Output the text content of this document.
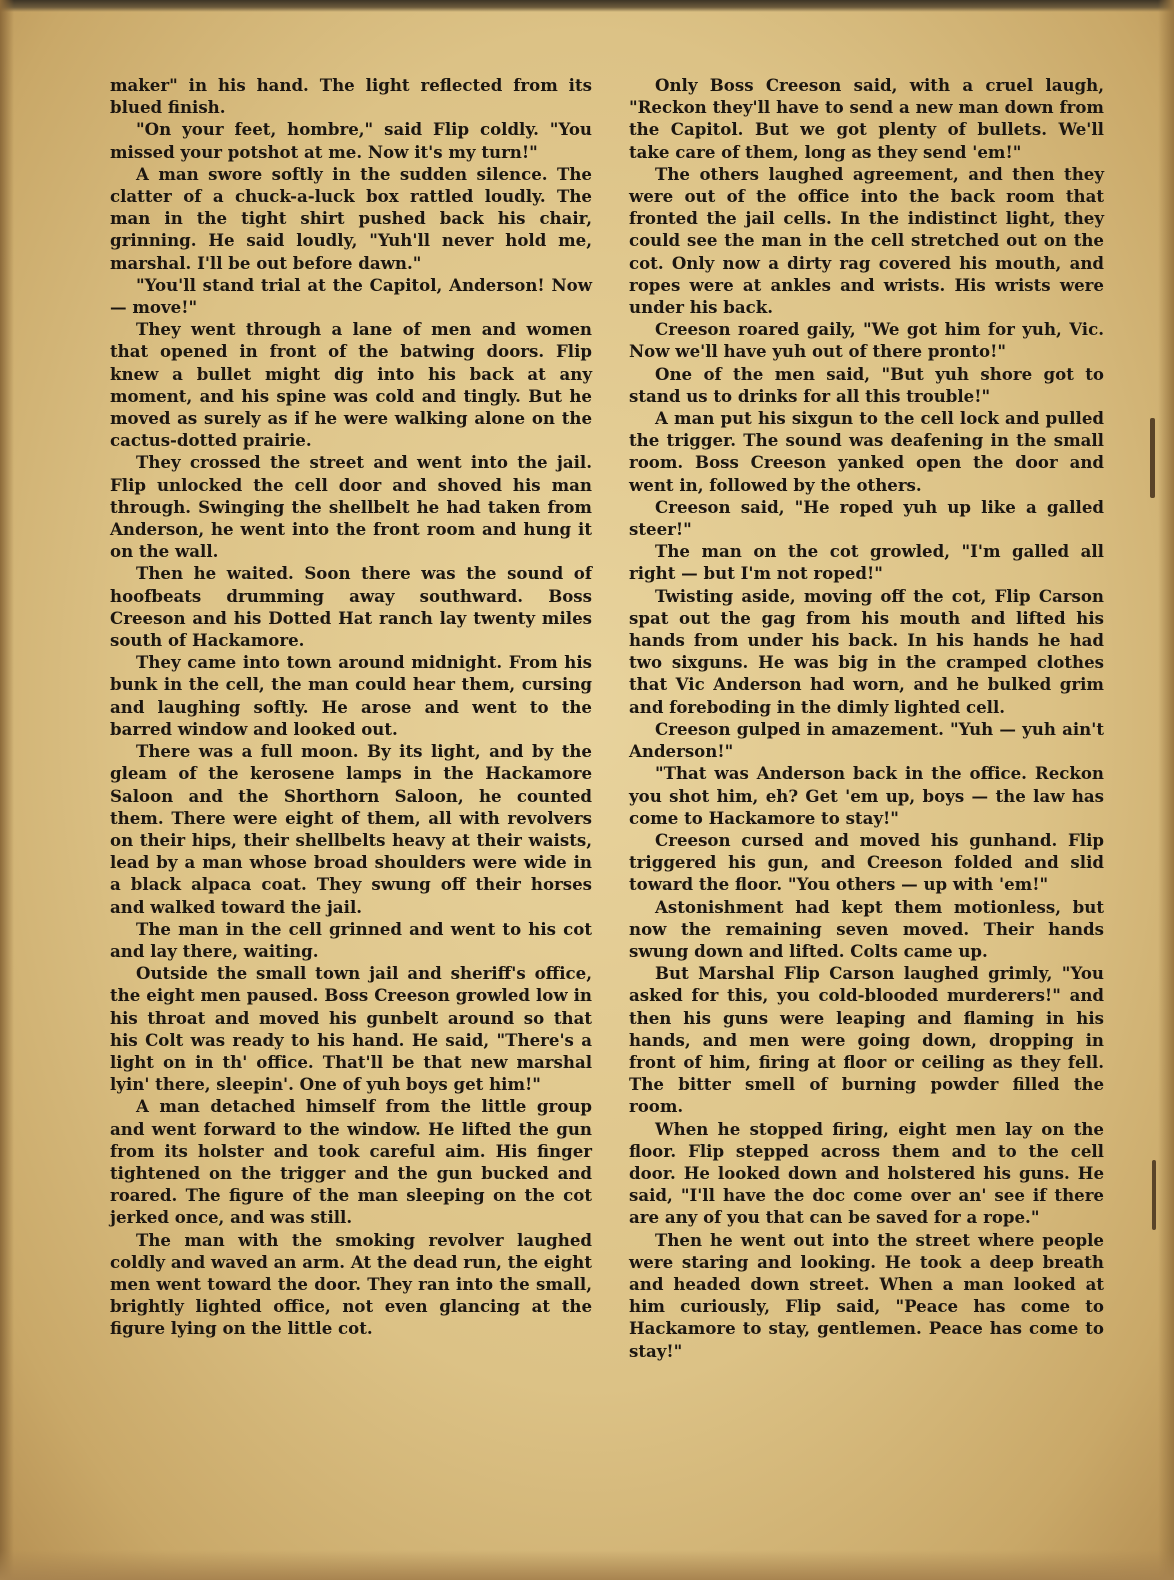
maker" in his hand. The light reflected from its blued finish.

"On your feet, hombre," said Flip coldly. "You missed your potshot at me. Now it's my turn!"

A man swore softly in the sudden silence. The clatter of a chuck-a-luck box rattled loudly. The man in the tight shirt pushed back his chair, grinning. He said loudly, "Yuh'll never hold me, marshal. I'll be out before dawn."

"You'll stand trial at the Capitol, Anderson! Now — move!"

They went through a lane of men and women that opened in front of the batwing doors. Flip knew a bullet might dig into his back at any moment, and his spine was cold and tingly. But he moved as surely as if he were walking alone on the cactus-dotted prairie.

They crossed the street and went into the jail. Flip unlocked the cell door and shoved his man through. Swinging the shellbelt he had taken from Anderson, he went into the front room and hung it on the wall.

Then he waited. Soon there was the sound of hoofbeats drumming away southward. Boss Creeson and his Dotted Hat ranch lay twenty miles south of Hackamore.

They came into town around midnight. From his bunk in the cell, the man could hear them, cursing and laughing softly. He arose and went to the barred window and looked out.

There was a full moon. By its light, and by the gleam of the kerosene lamps in the Hackamore Saloon and the Shorthorn Saloon, he counted them. There were eight of them, all with revolvers on their hips, their shellbelts heavy at their waists, lead by a man whose broad shoulders were wide in a black alpaca coat. They swung off their horses and walked toward the jail.

The man in the cell grinned and went to his cot and lay there, waiting.

Outside the small town jail and sheriff's office, the eight men paused. Boss Creeson growled low in his throat and moved his gunbelt around so that his Colt was ready to his hand. He said, "There's a light on in th' office. That'll be that new marshal lyin' there, sleepin'. One of yuh boys get him!"

A man detached himself from the little group and went forward to the window. He lifted the gun from its holster and took careful aim. His finger tightened on the trigger and the gun bucked and roared. The figure of the man sleeping on the cot jerked once, and was still.

The man with the smoking revolver laughed coldly and waved an arm. At the dead run, the eight men went toward the door. They ran into the small, brightly lighted office, not even glancing at the figure lying on the little cot.

Only Boss Creeson said, with a cruel laugh, "Reckon they'll have to send a new man down from the Capitol. But we got plenty of bullets. We'll take care of them, long as they send 'em!"

The others laughed agreement, and then they were out of the office into the back room that fronted the jail cells. In the indistinct light, they could see the man in the cell stretched out on the cot. Only now a dirty rag covered his mouth, and ropes were at ankles and wrists. His wrists were under his back.

Creeson roared gaily, "We got him for yuh, Vic. Now we'll have yuh out of there pronto!"

One of the men said, "But yuh shore got to stand us to drinks for all this trouble!"

A man put his sixgun to the cell lock and pulled the trigger. The sound was deafening in the small room. Boss Creeson yanked open the door and went in, followed by the others.

Creeson said, "He roped yuh up like a galled steer!"

The man on the cot growled, "I'm galled all right — but I'm not roped!"

Twisting aside, moving off the cot, Flip Carson spat out the gag from his mouth and lifted his hands from under his back. In his hands he had two sixguns. He was big in the cramped clothes that Vic Anderson had worn, and he bulked grim and foreboding in the dimly lighted cell.

Creeson gulped in amazement. "Yuh — yuh ain't Anderson!"

"That was Anderson back in the office. Reckon you shot him, eh? Get 'em up, boys — the law has come to Hackamore to stay!"

Creeson cursed and moved his gunhand. Flip triggered his gun, and Creeson folded and slid toward the floor. "You others — up with 'em!"

Astonishment had kept them motionless, but now the remaining seven moved. Their hands swung down and lifted. Colts came up.

But Marshal Flip Carson laughed grimly, "You asked for this, you cold-blooded murderers!" and then his guns were leaping and flaming in his hands, and men were going down, dropping in front of him, firing at floor or ceiling as they fell. The bitter smell of burning powder filled the room.

When he stopped firing, eight men lay on the floor. Flip stepped across them and to the cell door. He looked down and holstered his guns. He said, "I'll have the doc come over an' see if there are any of you that can be saved for a rope."

Then he went out into the street where people were staring and looking. He took a deep breath and headed down street. When a man looked at him curiously, Flip said, "Peace has come to Hackamore to stay, gentlemen. Peace has come to stay!"
